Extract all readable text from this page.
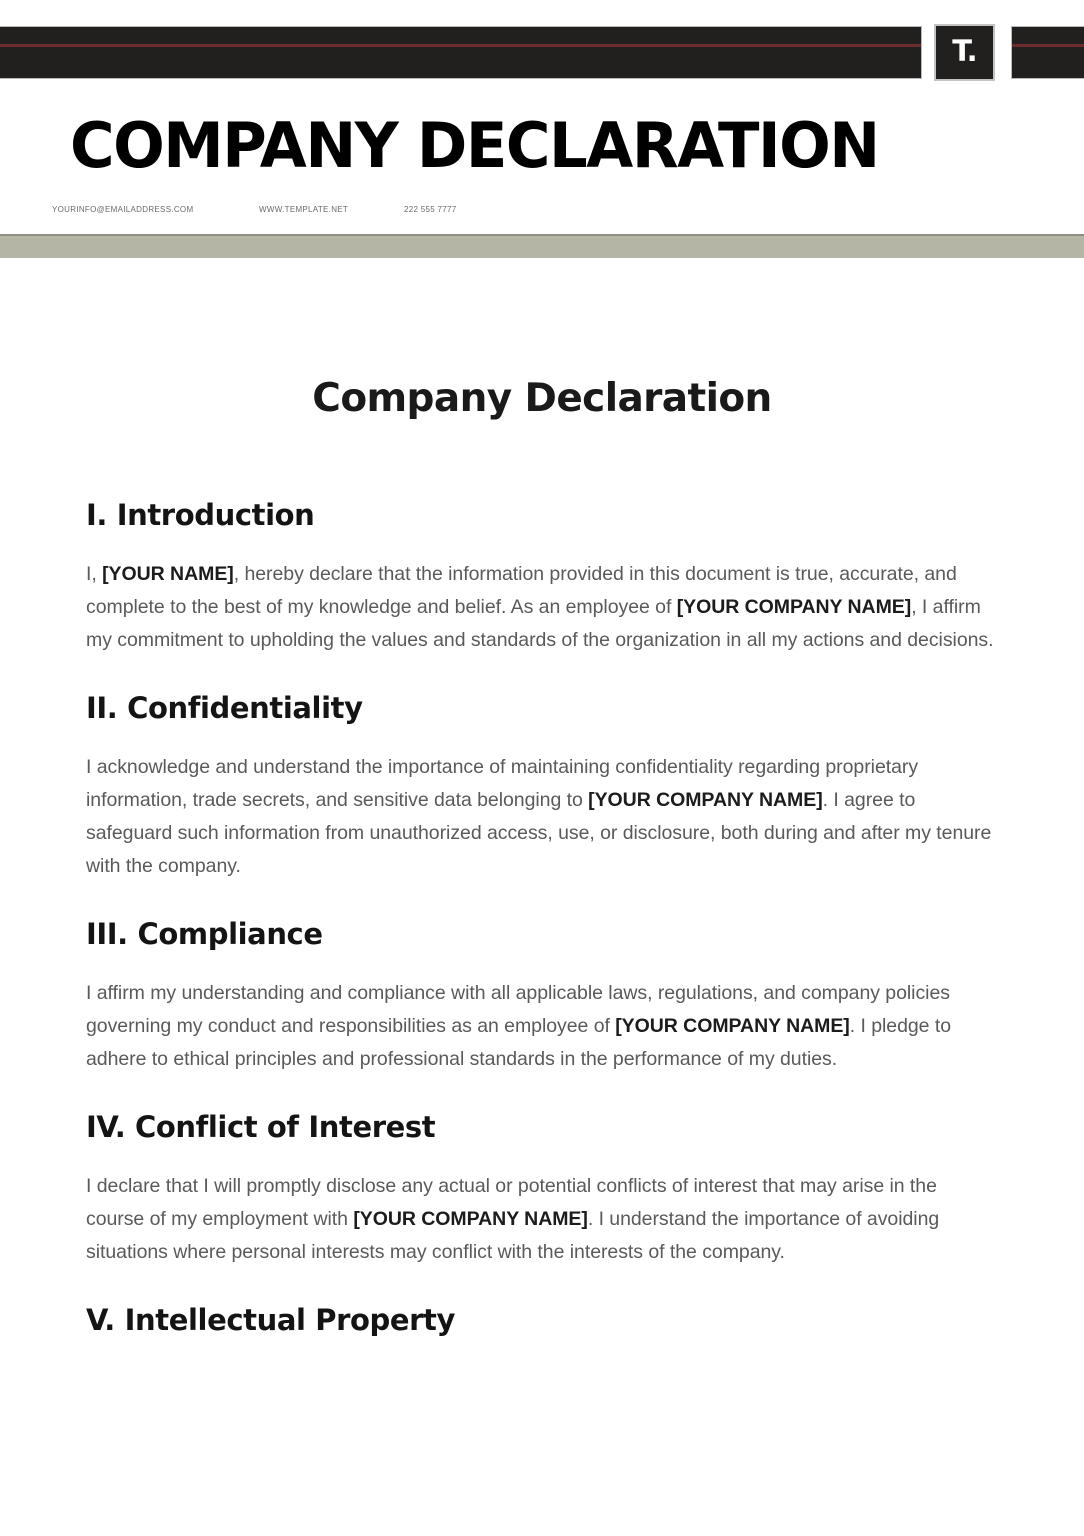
T.
COMPANY DECLARATION
YOURINFO@EMAILADDRESS.COM	WWW.TEMPLATE.NET	222 555 7777
Company Declaration
I. Introduction

I, [YOUR NAME], hereby declare that the information provided in this document is true, accurate, and complete to the best of my knowledge and belief. As an employee of [YOUR COMPANY NAME], I affirm my commitment to upholding the values and standards of the organization in all my actions and decisions.

II. Confidentiality

I acknowledge and understand the importance of maintaining confidentiality regarding proprietary information, trade secrets, and sensitive data belonging to [YOUR COMPANY NAME]. I agree to safeguard such information from unauthorized access, use, or disclosure, both during and after my tenure with the company.

III. Compliance

I affirm my understanding and compliance with all applicable laws, regulations, and company policies governing my conduct and responsibilities as an employee of [YOUR COMPANY NAME]. I pledge to adhere to ethical principles and professional standards in the performance of my duties.

IV. Conflict of Interest

I declare that I will promptly disclose any actual or potential conflicts of interest that may arise in the course of my employment with [YOUR COMPANY NAME]. I understand the importance of avoiding situations where personal interests may conflict with the interests of the company.

V. Intellectual Property
